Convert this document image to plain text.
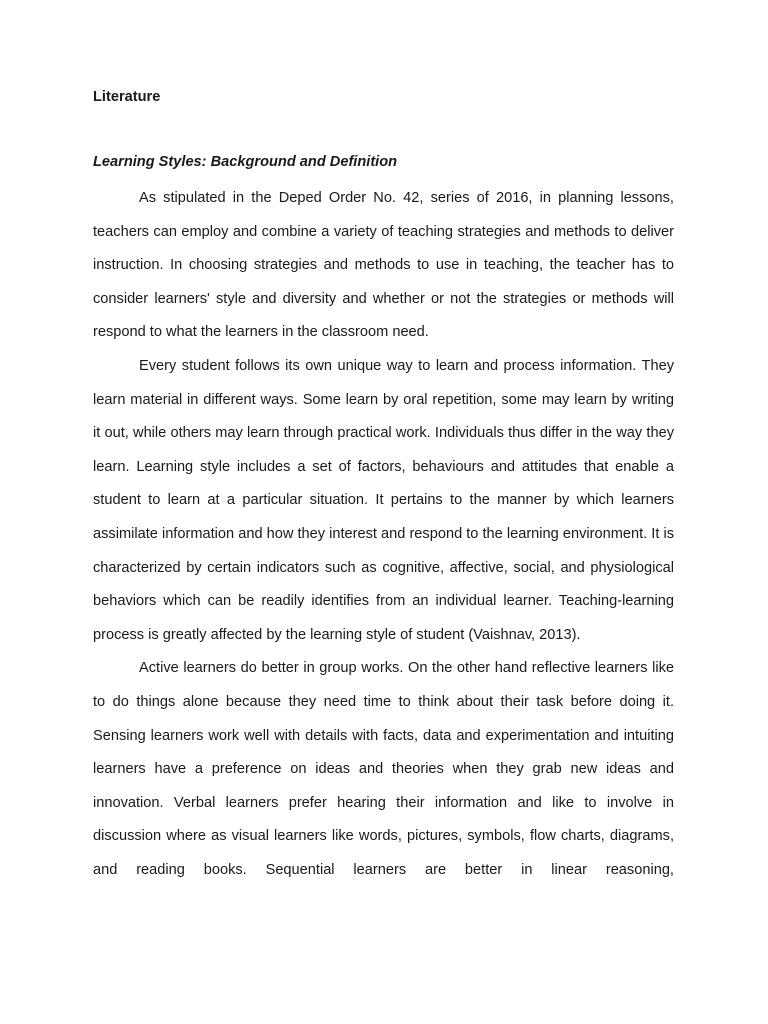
Literature
Learning Styles: Background and Definition

As stipulated in the Deped Order No. 42, series of 2016, in planning lessons, teachers can employ and combine a variety of teaching strategies and methods to deliver instruction. In choosing strategies and methods to use in teaching, the teacher has to consider learners' style and diversity and whether or not the strategies or methods will respond to what the learners in the classroom need.

Every student follows its own unique way to learn and process information. They learn material in different ways. Some learn by oral repetition, some may learn by writing it out, while others may learn through practical work. Individuals thus differ in the way they learn. Learning style includes a set of factors, behaviours and attitudes that enable a student to learn at a particular situation. It pertains to the manner by which learners assimilate information and how they interest and respond to the learning environment. It is characterized by certain indicators such as cognitive, affective, social, and physiological behaviors which can be readily identifies from an individual learner. Teaching-learning process is greatly affected by the learning style of student (Vaishnav, 2013).

Active learners do better in group works. On the other hand reflective learners like to do things alone because they need time to think about their task before doing it. Sensing learners work well with details with facts, data and experimentation and intuiting learners have a preference on ideas and theories when they grab new ideas and innovation. Verbal learners prefer hearing their information and like to involve in discussion where as visual learners like words, pictures, symbols, flow charts, diagrams, and reading books. Sequential learners are better in linear reasoning,
